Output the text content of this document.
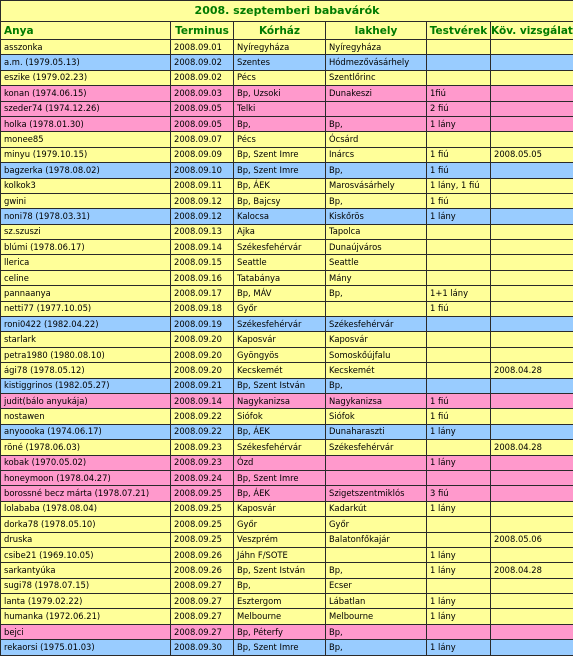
2008. szeptemberi babavárók					
Anya	Terminus	Kórház	lakhely	Testvérek	Köv. vizsgálat
asszonka	2008.09.01	Nyíregyháza	Nyíregyháza		
a.m. (1979.05.13)	2008.09.02	Szentes	Hódmezővásárhely		
eszike (1979.02.23)	2008.09.02	Pécs	Szentlőrinc		
konan (1974.06.15)	2008.09.03	Bp, Uzsoki	Dunakeszi	1fiú	
szeder74 (1974.12.26)	2008.09.05	Telki		2 fiú	
holka (1978.01.30)	2008.09.05	Bp,	Bp,	1 lány	
monee85	2008.09.07	Pécs	Ócsárd		
minyu (1979.10.15)	2008.09.09	Bp, Szent Imre	Inárcs	1 fiú	2008.05.05
bagzerka (1978.08.02)	2008.09.10	Bp, Szent Imre	Bp,	1 fiú	
kolkok3	2008.09.11	Bp, ÁEK	Marosvásárhely	1 lány, 1 fiú	
gwini	2008.09.12	Bp, Bajcsy	Bp,	1 fiú	
noni78 (1978.03.31)	2008.09.12	Kalocsa	Kiskőrös	1 lány	
sz.szuszi	2008.09.13	Ajka	Tapolca		
blúmi (1978.06.17)	2008.09.14	Székesfehérvár	Dunaújváros		
llerica	2008.09.15	Seattle	Seattle		
celine	2008.09.16	Tatabánya	Mány		
pannaanya	2008.09.17	Bp, MÁV	Bp,	1+1 lány	
netti77 (1977.10.05)	2008.09.18	Győr		1 fiú	
roni0422 (1982.04.22)	2008.09.19	Székesfehérvár	Székesfehérvár		
starlark	2008.09.20	Kaposvár	Kaposvár		
petra1980 (1980.08.10)	2008.09.20	Gyöngyös	Somoskőújfalu		
ági78 (1978.05.12)	2008.09.20	Kecskemét	Kecskemét		2008.04.28
kistiggrinos (1982.05.27)	2008.09.21	Bp, Szent István	Bp,		
judit(bálo anyukája)	2008.09.14	Nagykanizsa	Nagykanizsa	1 fiú	
nostawen	2008.09.22	Siófok	Siófok	1 fiú	
anyoooka (1974.06.17)	2008.09.22	Bp, ÁEK	Dunaharaszti	1 lány	
röné (1978.06.03)	2008.09.23	Székesfehérvár	Székesfehérvár		2008.04.28
kobak (1970.05.02)	2008.09.23	Ózd		1 lány	
honeymoon (1978.04.27)	2008.09.24	Bp, Szent Imre			
borossné becz márta (1978.07.21)	2008.09.25	Bp, ÁEK	Szigetszentmiklós	3 fiú	
lolababa (1978.08.04)	2008.09.25	Kaposvár	Kadarkút	1 lány	
dorka78 (1978.05.10)	2008.09.25	Győr	Győr		
druska	2008.09.25	Veszprém	Balatonfőkajár		2008.05.06
csibe21 (1969.10.05)	2008.09.26	Jáhn F/SOTE		1 lány	
sarkantyúka	2008.09.26	Bp, Szent István	Bp,	1 lány	2008.04.28
sugi78 (1978.07.15)	2008.09.27	Bp,	Ecser		
lanta (1979.02.22)	2008.09.27	Esztergom	Lábatlan	1 lány	
humanka (1972.06.21)	2008.09.27	Melbourne	Melbourne	1 lány	
bejci	2008.09.27	Bp, Péterfy	Bp,		
rekaorsi (1975.01.03)	2008.09.30	Bp, Szent Imre	Bp,	1 lány	
